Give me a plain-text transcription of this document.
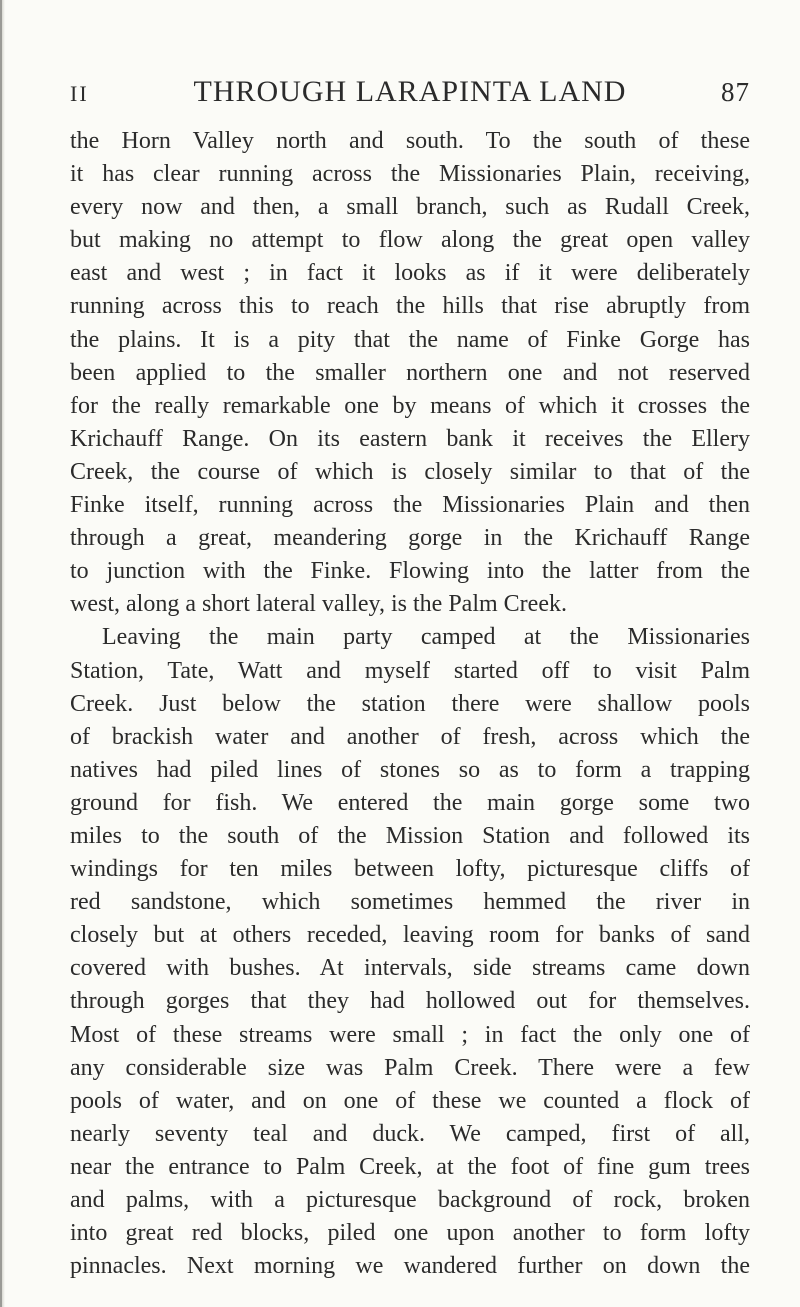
II	THROUGH LARAPINTA LAND	87
the Horn Valley north and south. To the south of these
it has clear running across the Missionaries Plain, receiving,
every now and then, a small branch, such as Rudall Creek,
but making no attempt to flow along the great open valley
east and west ; in fact it looks as if it were deliberately
running across this to reach the hills that rise abruptly from
the plains. It is a pity that the name of Finke Gorge has
been applied to the smaller northern one and not reserved
for the really remarkable one by means of which it crosses the
Krichauff Range. On its eastern bank it receives the Ellery
Creek, the course of which is closely similar to that of the
Finke itself, running across the Missionaries Plain and then
through a great, meandering gorge in the Krichauff Range
to junction with the Finke. Flowing into the latter from the
west, along a short lateral valley, is the Palm Creek.
Leaving the main party camped at the Missionaries
Station, Tate, Watt and myself started off to visit Palm
Creek. Just below the station there were shallow pools
of brackish water and another of fresh, across which the
natives had piled lines of stones so as to form a trapping
ground for fish. We entered the main gorge some two
miles to the south of the Mission Station and followed its
windings for ten miles between lofty, picturesque cliffs of
red sandstone, which sometimes hemmed the river in
closely but at others receded, leaving room for banks of sand
covered with bushes. At intervals, side streams came down
through gorges that they had hollowed out for themselves.
Most of these streams were small ; in fact the only one of
any considerable size was Palm Creek. There were a few
pools of water, and on one of these we counted a flock of
nearly seventy teal and duck. We camped, first of all,
near the entrance to Palm Creek, at the foot of fine gum trees
and palms, with a picturesque background of rock, broken
into great red blocks, piled one upon another to form lofty
pinnacles. Next morning we wandered further on down the
